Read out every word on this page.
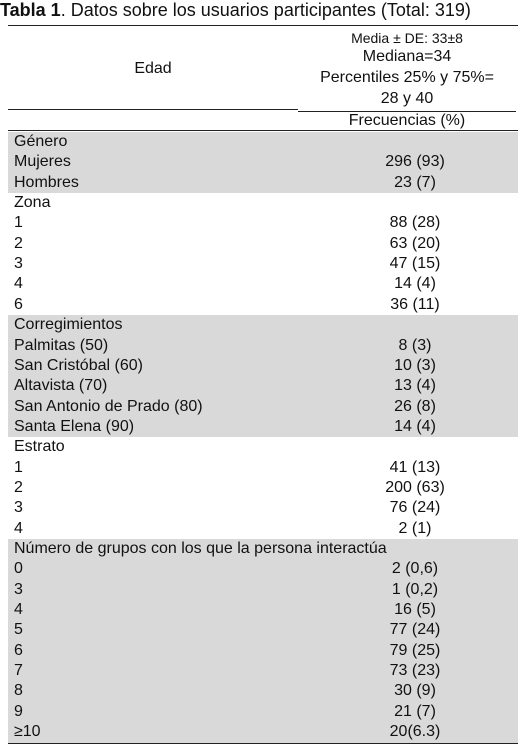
Tabla 1. Datos sobre los usuarios participantes (Total: 319)
Edad
Media ± DE: 33±8
Mediana=34
Percentiles 25% y 75%=
28 y 40
Frecuencias (%)
Género
Mujeres	296 (93)
Hombres	23 (7)
Zona
1	88 (28)
2	63 (20)
3	47 (15)
4	14 (4)
6	36 (11)
Corregimientos
Palmitas (50)	8 (3)
San Cristóbal (60)	10 (3)
Altavista (70)	13 (4)
San Antonio de Prado (80)	26 (8)
Santa Elena (90)	14 (4)
Estrato
1	41 (13)
2	200 (63)
3	76 (24)
4	2 (1)
Número de grupos con los que la persona interactúa
0	2 (0,6)
3	1 (0,2)
4	16 (5)
5	77 (24)
6	79 (25)
7	73 (23)
8	30 (9)
9	21 (7)
≥10	20(6.3)
